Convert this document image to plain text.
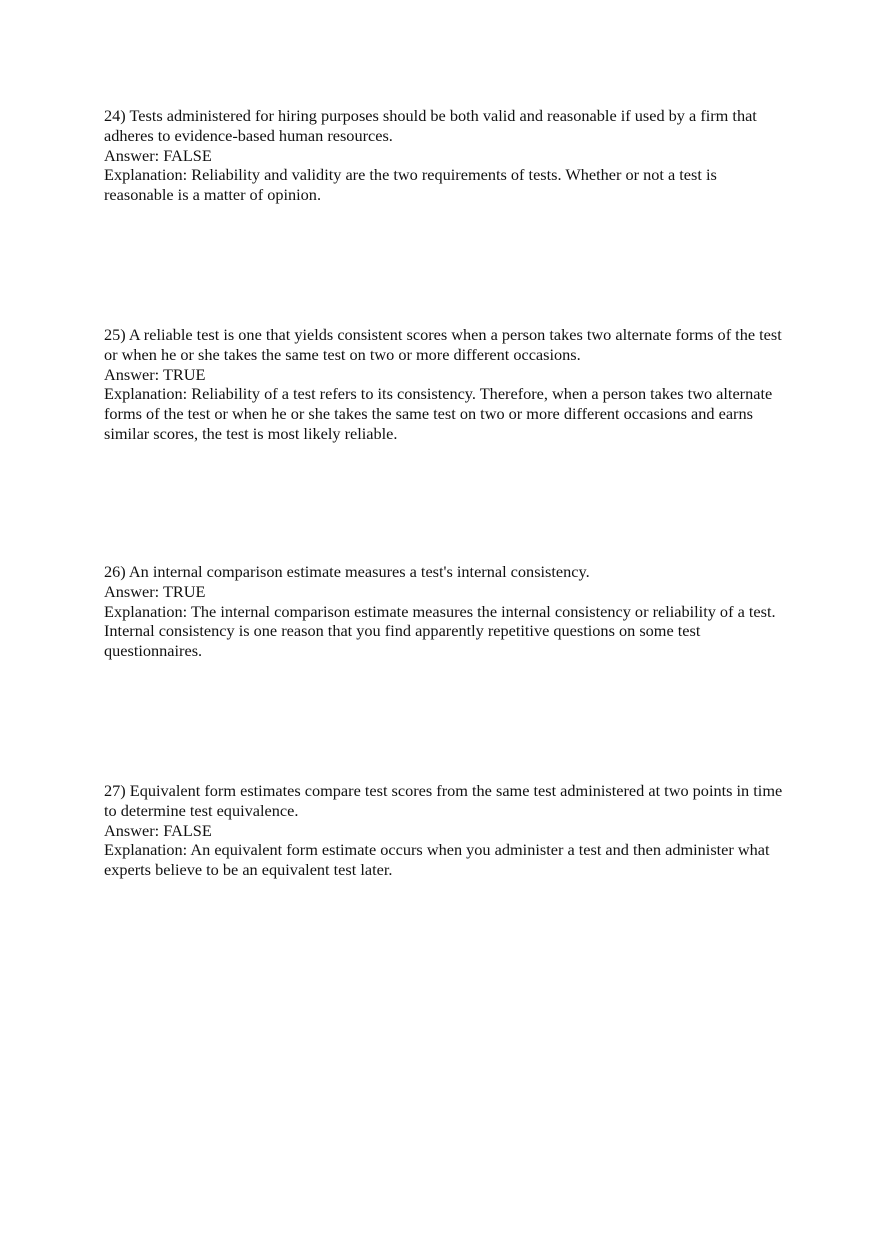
24) Tests administered for hiring purposes should be both valid and reasonable if used by a firm that adheres to evidence-based human resources.

Answer: FALSE

Explanation: Reliability and validity are the two requirements of tests. Whether or not a test is reasonable is a matter of opinion.

25) A reliable test is one that yields consistent scores when a person takes two alternate forms of the test or when he or she takes the same test on two or more different occasions.

Answer: TRUE

Explanation: Reliability of a test refers to its consistency. Therefore, when a person takes two alternate forms of the test or when he or she takes the same test on two or more different occasions and earns similar scores, the test is most likely reliable.

26) An internal comparison estimate measures a test's internal consistency.

Answer: TRUE

Explanation: The internal comparison estimate measures the internal consistency or reliability of a test. Internal consistency is one reason that you find apparently repetitive questions on some test questionnaires.

27) Equivalent form estimates compare test scores from the same test administered at two points in time to determine test equivalence.

Answer: FALSE

Explanation: An equivalent form estimate occurs when you administer a test and then administer what experts believe to be an equivalent test later.
